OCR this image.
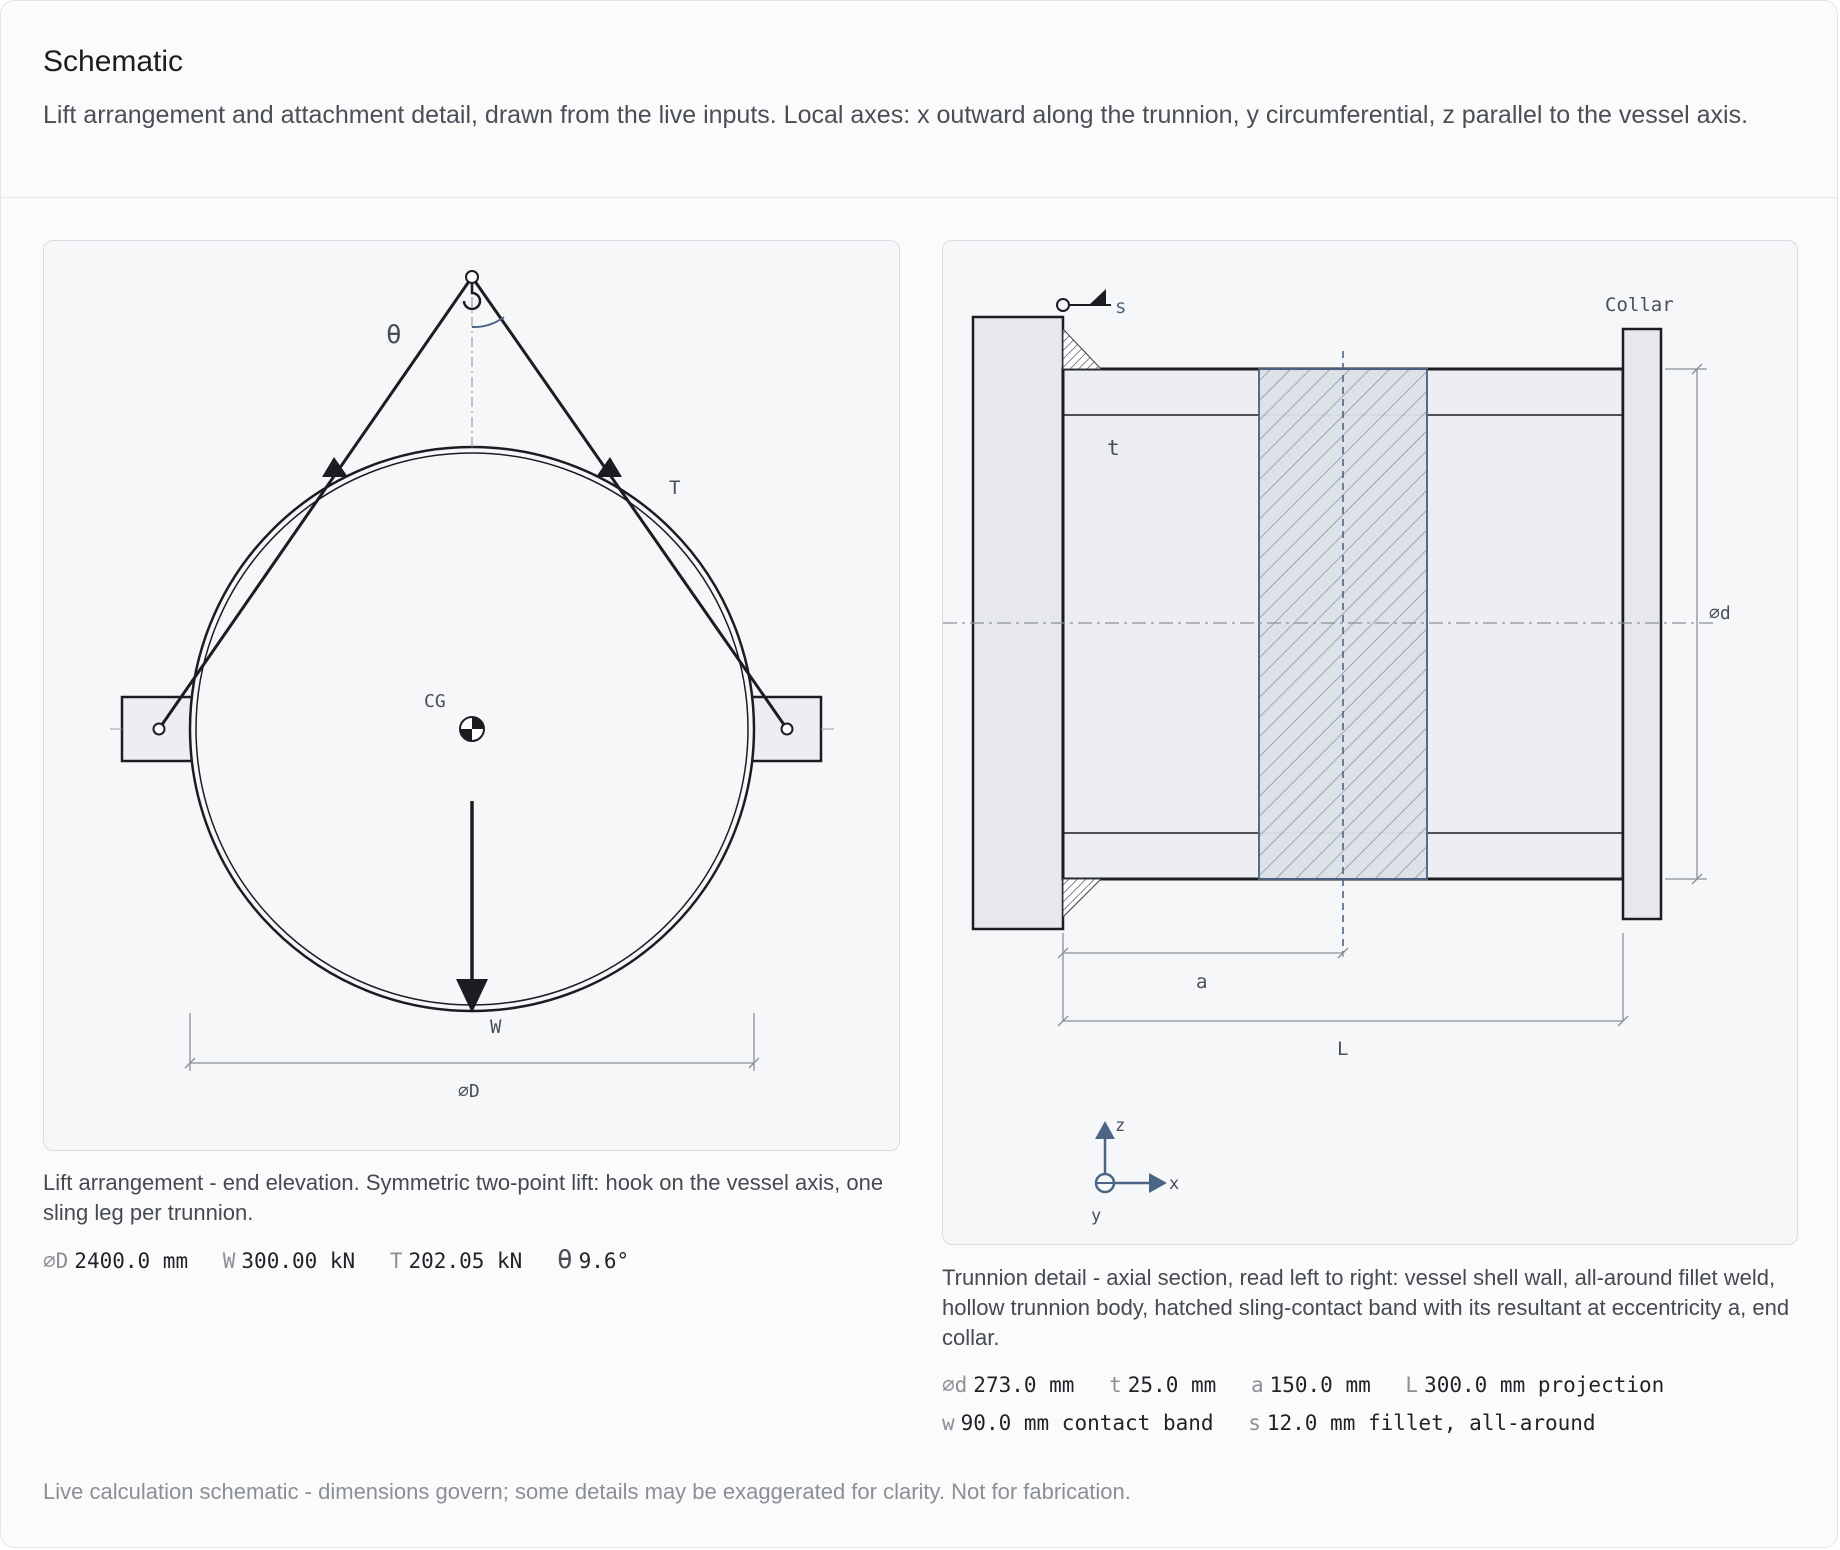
Schematic
Lift arrangement and attachment detail, drawn from the live inputs. Local axes: x outward along the trunnion, y circumferential, z parallel to the vessel axis.
θ
T
CG
W
⌀D
Lift arrangement - end elevation. Symmetric two-point lift: hook on the vessel axis, one sling leg per trunnion.
⌀D 2400.0 mm W 300.00 kN T 202.05 kN θ 9.6°
Collar
s
t
⌀d
a
L
z
x
y
Trunnion detail - axial section, read left to right: vessel shell wall, all-around fillet weld, hollow trunnion body, hatched sling-contact band with its resultant at eccentricity a, end collar.
⌀d 273.0 mm t 25.0 mm a 150.0 mm L 300.0 mm projection
w 90.0 mm contact band s 12.0 mm fillet, all-around
Live calculation schematic - dimensions govern; some details may be exaggerated for clarity. Not for fabrication.
